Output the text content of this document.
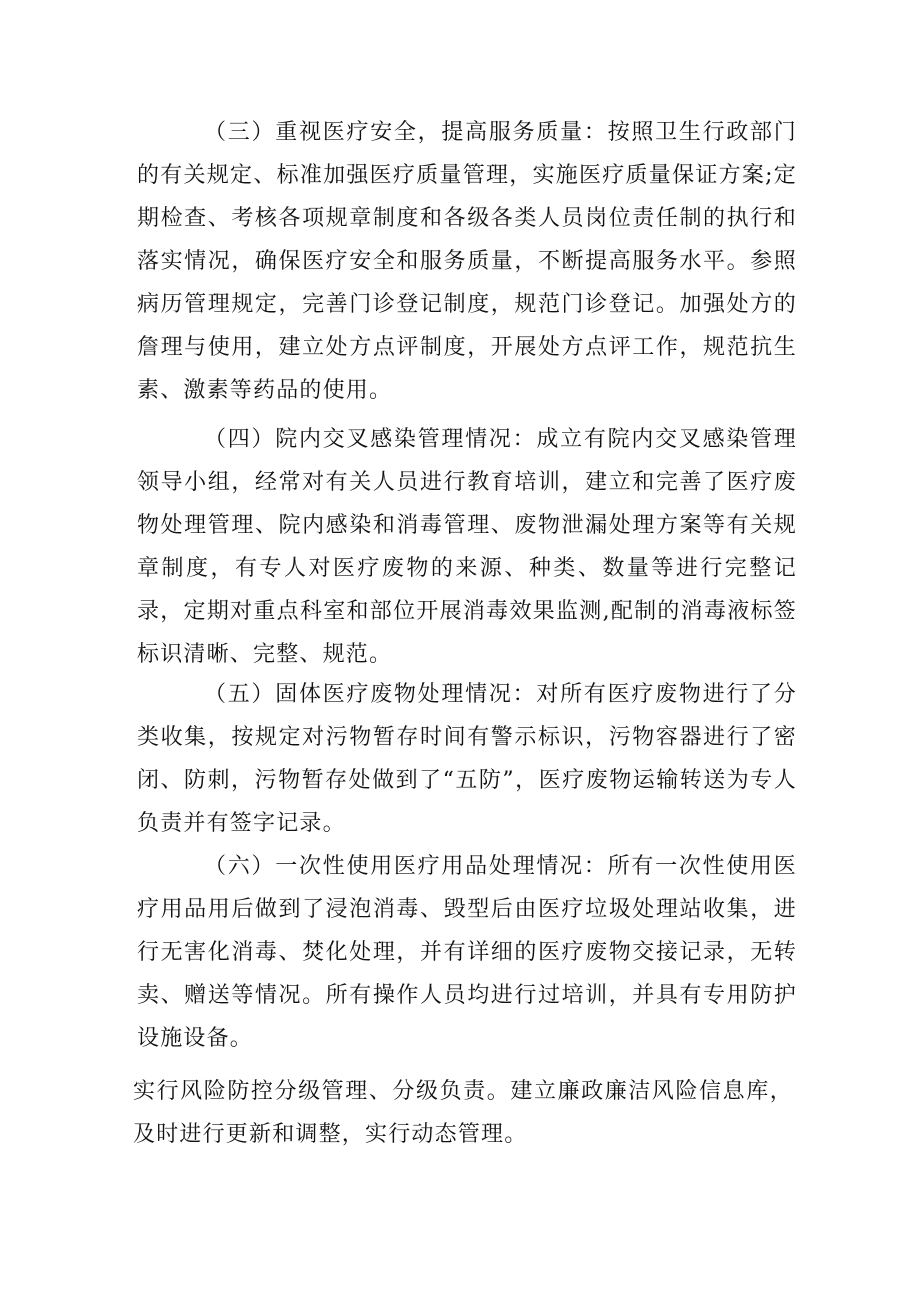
（三）重视医疗安全，提高服务质量：按照卫生行政部门的有关规定、标准加强医疗质量管理，实施医疗质量保证方案;定期检查、考核各项规章制度和各级各类人员岗位责任制的执行和落实情况，确保医疗安全和服务质量，不断提高服务水平。参照病历管理规定，完善门诊登记制度，规范门诊登记。加强处方的詹理与使用，建立处方点评制度，开展处方点评工作，规范抗生素、激素等药品的使用。

（四）院内交叉感染管理情况：成立有院内交叉感染管理领导小组，经常对有关人员进行教育培训，建立和完善了医疗废物处理管理、院内感染和消毒管理、废物泄漏处理方案等有关规章制度，有专人对医疗废物的来源、种类、数量等进行完整记录，定期对重点科室和部位开展消毒效果监测,配制的消毒液标签标识清晰、完整、规范。

（五）固体医疗废物处理情况：对所有医疗废物进行了分类收集，按规定对污物暂存时间有警示标识，污物容器进行了密闭、防刺，污物暂存处做到了“五防”，医疗废物运输转送为专人负责并有签字记录。

（六）一次性使用医疗用品处理情况：所有一次性使用医疗用品用后做到了浸泡消毒、毁型后由医疗垃圾处理站收集，进行无害化消毒、焚化处理，并有详细的医疗废物交接记录，无转卖、赠送等情况。所有操作人员均进行过培训，并具有专用防护设施设备。

实行风险防控分级管理、分级负责。建立廉政廉洁风险信息库，及时进行更新和调整，实行动态管理。
